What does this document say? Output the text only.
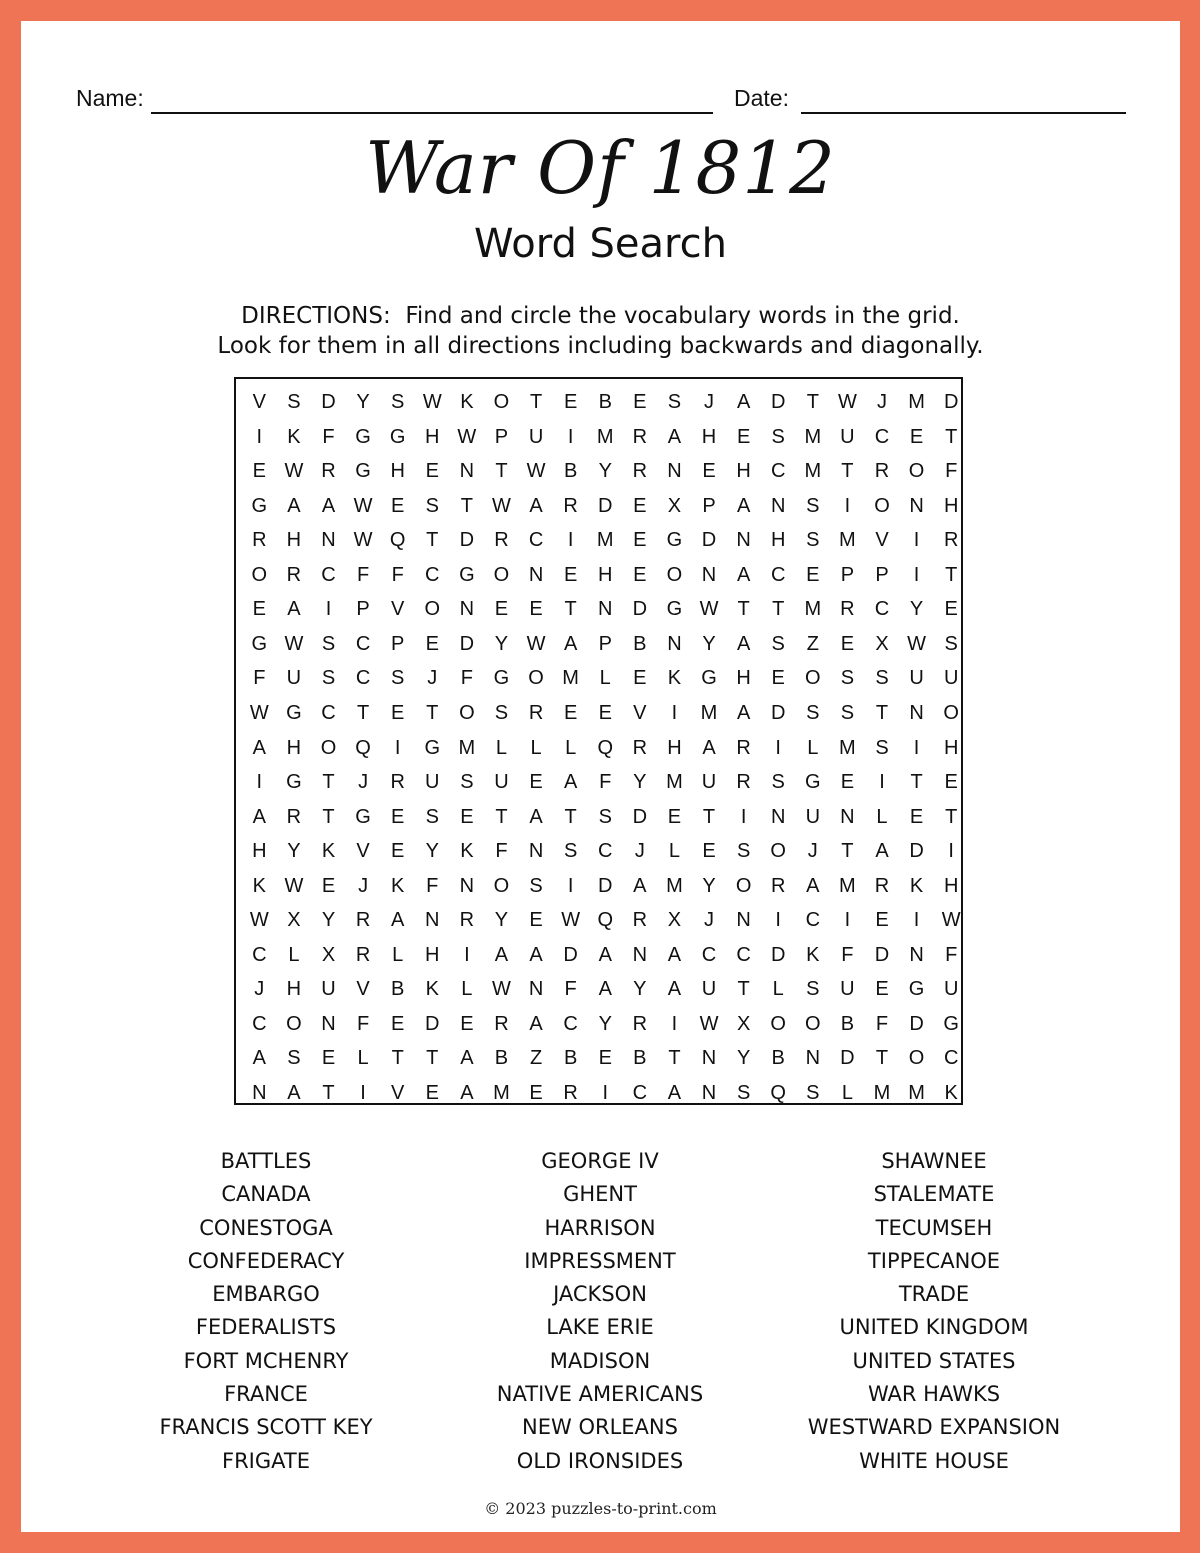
Name:	Date:
War Of 1812
Word Search
DIRECTIONS:  Find and circle the vocabulary words in the grid.
Look for them in all directions including backwards and diagonally.
V	S	D	Y	S W K	O	T	E	B	E	S	J	A	D	T W	J	M D
I	K	F	G G H W P	U	I	M R	A	H	E	S M U	C	E	T
E W R G H	E	N	T W B	Y	R	N	E	H	C M	T	R O	F
G	A	A W E	S	T W A	R	D	E	X	P	A	N	S	I	O N	H
R	H	N W Q	T	D	R	C	I	M E	G D	N	H	S M V	I	R
O R	C	F	F	C G O N	E	H	E	O N	A	C	E	P	P	I	T
E	A	I	P	V	O N	E	E	T	N	D G W T	T	M R	C	Y	E
G W S	C	P	E	D	Y W A	P	B	N	Y	A	S	Z	E	X W S
F	U	S	C	S	J	F	G O M	L	E	K	G H	E	O	S	S	U	U
W G C	T	E	T	O	S	R	E	E	V	I	M A	D	S	S	T	N O
A	H O Q	I	G M	L	L	L	Q R	H	A	R	I	L	M S	I	H
I	G	T	J	R	U	S	U	E	A	F	Y M U	R	S	G	E	I	T	E
A	R	T	G	E	S	E	T	A	T	S	D	E	T	I	N	U	N	L	E	T
H	Y	K	V	E	Y	K	F	N	S	C	J	L	E	S	O	J	T	A	D	I
K W E	J	K	F	N O	S	I	D	A M Y	O R	A M R	K	H
W X	Y	R	A	N	R	Y	E W Q R	X	J	N	I	C	I	E	I	W
C	L	X	R	L	H	I	A	A	D	A	N	A	C	C	D	K	F	D	N	F
J	H	U	V	B	K	L W N	F	A	Y	A	U	T	L	S	U	E	G U
C O N	F	E	D	E	R	A	C	Y	R	I	W X	O O	B	F	D G
A	S	E	L	T	T	A	B	Z	B	E	B	T	N	Y	B	N	D	T	O C
N	A	T	I	V	E	A M E	R	I	C	A	N	S	Q	S	L	M M K
BATTLES
CANADA
CONESTOGA
CONFEDERACY
EMBARGO
FEDERALISTS
FORT MCHENRY
FRANCE
FRANCIS SCOTT KEY
FRIGATE
GEORGE IV
GHENT
HARRISON
IMPRESSMENT
JACKSON
LAKE ERIE
MADISON
NATIVE AMERICANS
NEW ORLEANS
OLD IRONSIDES
SHAWNEE
STALEMATE
TECUMSEH
TIPPECANOE
TRADE
UNITED KINGDOM
UNITED STATES
WAR HAWKS
WESTWARD EXPANSION
WHITE HOUSE
© 2023 puzzles-to-print.com
